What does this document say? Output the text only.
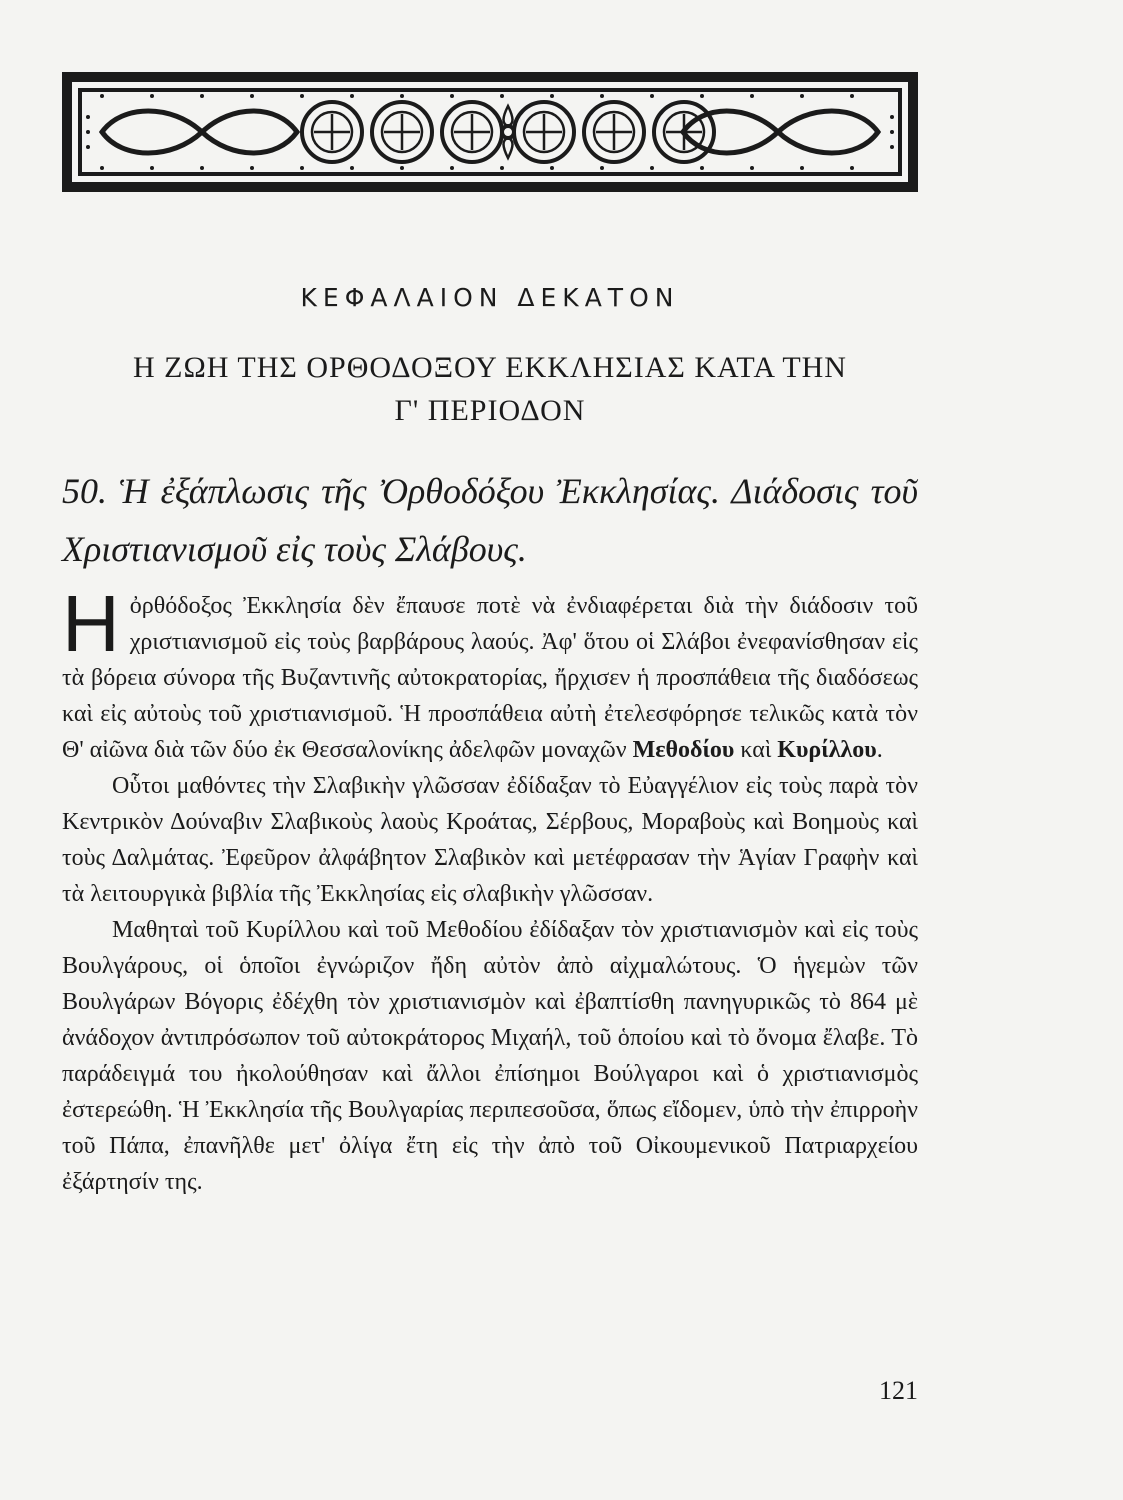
ΚΕΦΑΛΑΙΟΝ ΔΕΚΑΤΟΝ
Η ΖΩΗ ΤΗΣ ΟΡΘΟΔΟΞΟΥ ΕΚΚΛΗΣΙΑΣ ΚΑΤΑ ΤΗΝ
Γ' ΠΕΡΙΟΔΟΝ
50. Ἡ ἐξάπλωσις τῆς Ὀρθοδόξου Ἐκκλησίας. Διάδοσις τοῦ Χριστιανισμοῦ εἰς τοὺς Σλάβους.

Η ὀρθόδοξος Ἐκκλησία δὲν ἔπαυσε ποτὲ νὰ ἐνδιαφέρεται διὰ τὴν διάδοσιν τοῦ χριστιανισμοῦ εἰς τοὺς βαρβάρους λαούς. Ἀφ' ὅτου οἱ Σλάβοι ἐνεφανίσθησαν εἰς τὰ βόρεια σύνορα τῆς Βυζαντινῆς αὐτοκρατορίας, ἤρχισεν ἡ προσπάθεια τῆς διαδόσεως καὶ εἰς αὐτοὺς τοῦ χριστιανισμοῦ. Ἡ προσπάθεια αὐτὴ ἐτελεσφόρησε τελικῶς κατὰ τὸν Θ' αἰῶνα διὰ τῶν δύο ἐκ Θεσσαλονίκης ἀδελφῶν μοναχῶν Μεθοδίου καὶ Κυρίλλου.

Οὗτοι μαθόντες τὴν Σλαβικὴν γλῶσσαν ἐδίδαξαν τὸ Εὐαγγέλιον εἰς τοὺς παρὰ τὸν Κεντρικὸν Δούναβιν Σλαβικοὺς λαοὺς Κροάτας, Σέρβους, Μοραβοὺς καὶ Βοημοὺς καὶ τοὺς Δαλμάτας. Ἐφεῦρον ἀλφάβητον Σλαβικὸν καὶ μετέφρασαν τὴν Ἁγίαν Γραφὴν καὶ τὰ λειτουργικὰ βιβλία τῆς Ἐκκλησίας εἰς σλαβικὴν γλῶσσαν.

Μαθηταὶ τοῦ Κυρίλλου καὶ τοῦ Μεθοδίου ἐδίδαξαν τὸν χριστιανισμὸν καὶ εἰς τοὺς Βουλγάρους, οἱ ὁποῖοι ἐγνώριζον ἤδη αὐτὸν ἀπὸ αἰχμαλώτους. Ὁ ἡγεμὼν τῶν Βουλγάρων Βόγορις ἐδέχθη τὸν χριστιανισμὸν καὶ ἐβαπτίσθη πανηγυρικῶς τὸ 864 μὲ ἀνάδοχον ἀντιπρόσωπον τοῦ αὐτοκράτορος Μιχαήλ, τοῦ ὁποίου καὶ τὸ ὄνομα ἔλαβε. Τὸ παράδειγμά του ἠκολούθησαν καὶ ἄλλοι ἐπίσημοι Βούλγαροι καὶ ὁ χριστιανισμὸς ἐστερεώθη. Ἡ Ἐκκλησία τῆς Βουλγαρίας περιπεσοῦσα, ὅπως εἴδομεν, ὑπὸ τὴν ἐπιρροὴν τοῦ Πάπα, ἐπανῆλθε μετ' ὀλίγα ἔτη εἰς τὴν ἀπὸ τοῦ Οἰκουμενικοῦ Πατριαρχείου ἐξάρτησίν της.

121
